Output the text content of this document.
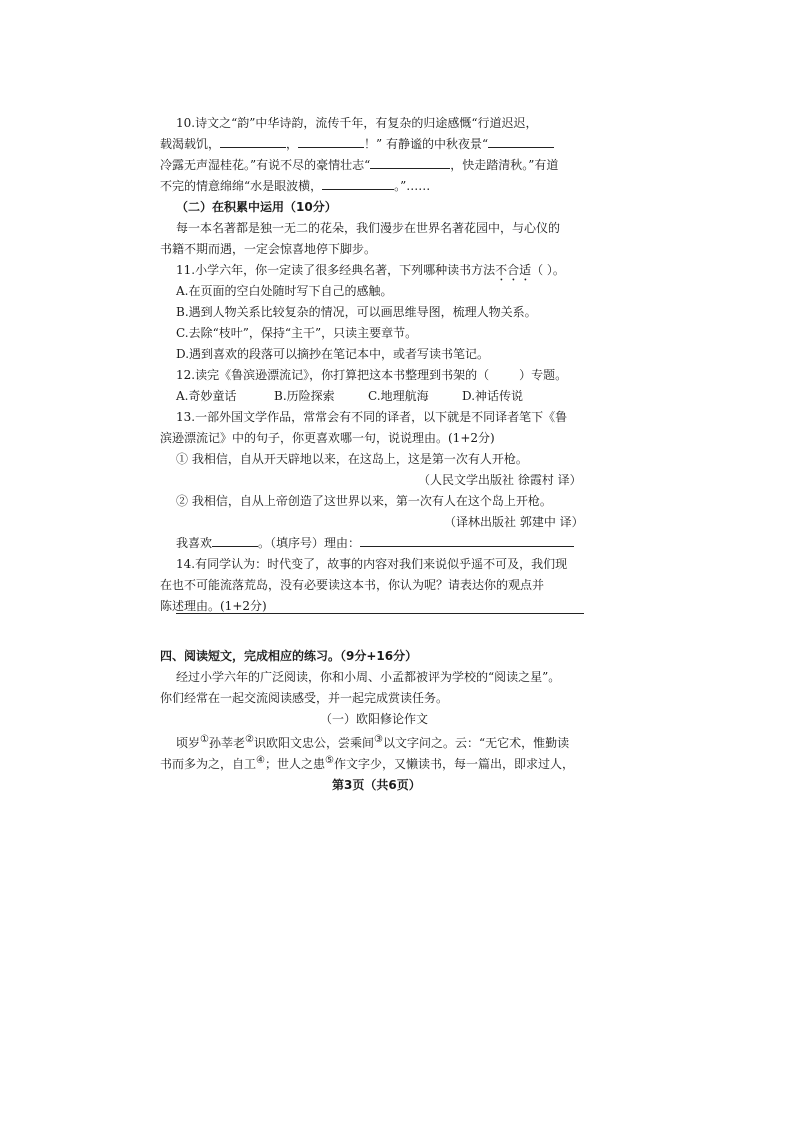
10.诗文之“韵”中华诗韵，流传千年，有复杂的归途感慨“行道迟迟，
载渴载饥，	，	！” 有静谧的中秋夜景“
冷露无声湿桂花。”有说不尽的豪情壮志“	，快走踏清秋。”有道
不完的情意绵绵“水是眼波横，	。”……
（二）在积累中运用（10分）
每一本名著都是独一无二的花朵，我们漫步在世界名著花园中，与心仪的
书籍不期而遇，一定会惊喜地停下脚步。
11.小学六年，你一定读了很多经典名著，下列哪种读书方法不合适（ ）。
A.在页面的空白处随时写下自己的感触。
B.遇到人物关系比较复杂的情况，可以画思维导图，梳理人物关系。
C.去除“枝叶”，保持“主干”，只读主要章节。
D.遇到喜欢的段落可以摘抄在笔记本中，或者写读书笔记。
12.读完《鲁滨逊漂流记》，你打算把这本书整理到书架的（	）专题。
A.奇妙童话	B.历险探索	C.地理航海	D.神话传说
13.一部外国文学作品，常常会有不同的译者，以下就是不同译者笔下《鲁
滨逊漂流记》中的句子，你更喜欢哪一句，说说理由。(1+2分)
① 我相信，自从开天辟地以来，在这岛上，这是第一次有人开枪。
（人民文学出版社 徐霞村 译）
② 我相信，自从上帝创造了这世界以来，第一次有人在这个岛上开枪。
（译林出版社 郭建中 译）
我喜欢	。（填序号）理由：
14.有同学认为：时代变了，故事的内容对我们来说似乎遥不可及，我们现
在也不可能流落荒岛，没有必要读这本书，你认为呢？请表达你的观点并
陈述理由。(1+2分)
四、阅读短文，完成相应的练习。（9分+16分）
经过小学六年的广泛阅读，你和小周、小孟都被评为学校的“阅读之星”。
你们经常在一起交流阅读感受，并一起完成赏读任务。
（一）欧阳修论作文
顷岁①孙莘老②识欧阳文忠公，尝乘间③以文字问之。云：“无它术，惟勤读
书而多为之，自工④；世人之患⑤作文字少，又懒读书，每一篇出，即求过人，
第3页（共6页）
